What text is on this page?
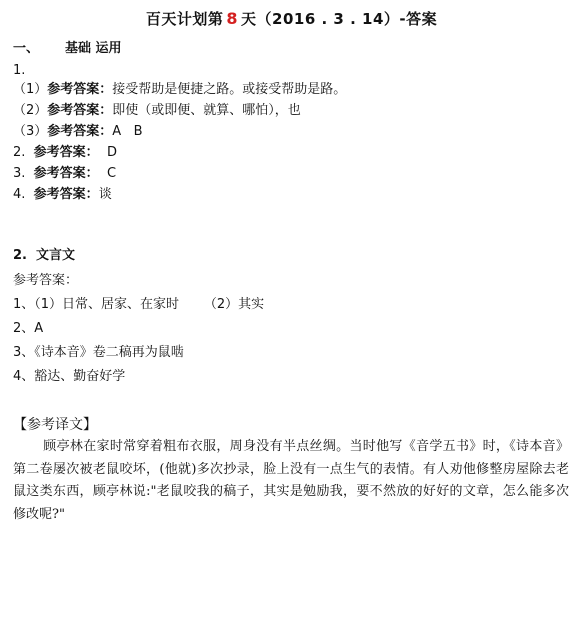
百天计划第 8 天（2016 . 3 . 14）-答案
一、 基础 运用
1.
（1）参考答案：接受帮助是便捷之路。或接受帮助是路。
（2）参考答案：即使（或即便、就算、哪怕），也
（3）参考答案：A   B
2.  参考答案：  D
3.  参考答案：  C
4.  参考答案：谈
2.  文言文
参考答案：
1、（1）日常、居家、在家时      （2）其实
2、A
3、《诗本音》卷二稿再为鼠啮
4、豁达、勤奋好学
【参考译文】
顾亭林在家时常穿着粗布衣服，周身没有半点丝绸。当时他写《音学五书》时，《诗本音》第二卷屡次被老鼠咬坏，(他就)多次抄录，脸上没有一点生气的表情。有人劝他修整房屋除去老鼠这类东西，顾亭林说:"老鼠咬我的稿子，其实是勉励我，要不然放的好好的文章，怎么能多次修改呢?"
